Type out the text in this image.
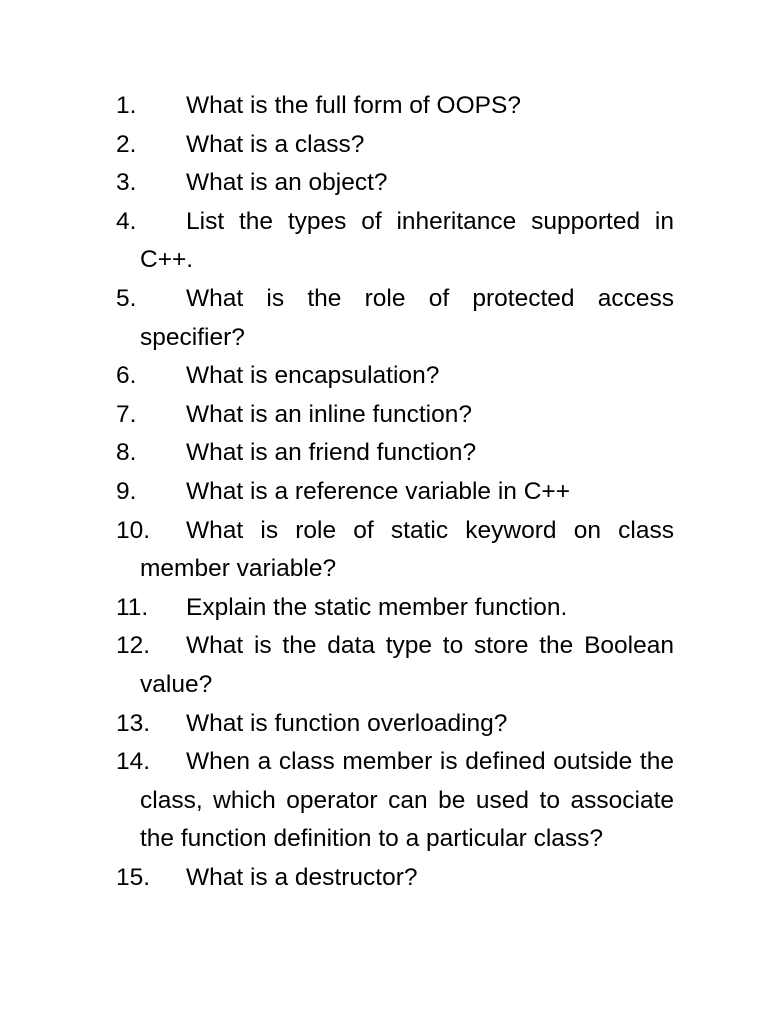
1. What is the full form of OOPS?
2. What is a class?
3. What is an object?
4. List the types of inheritance supported in C++.
5. What is the role of protected access specifier?
6. What is encapsulation?
7. What is an inline function?
8. What is an friend function?
9. What is a reference variable in C++
10. What is role of static keyword on class member variable?
11. Explain the static member function.
12. What is the data type to store the Boolean value?
13. What is function overloading?
14. When a class member is defined outside the class, which operator can be used to associate the function definition to a particular class?
15. What is a destructor?
